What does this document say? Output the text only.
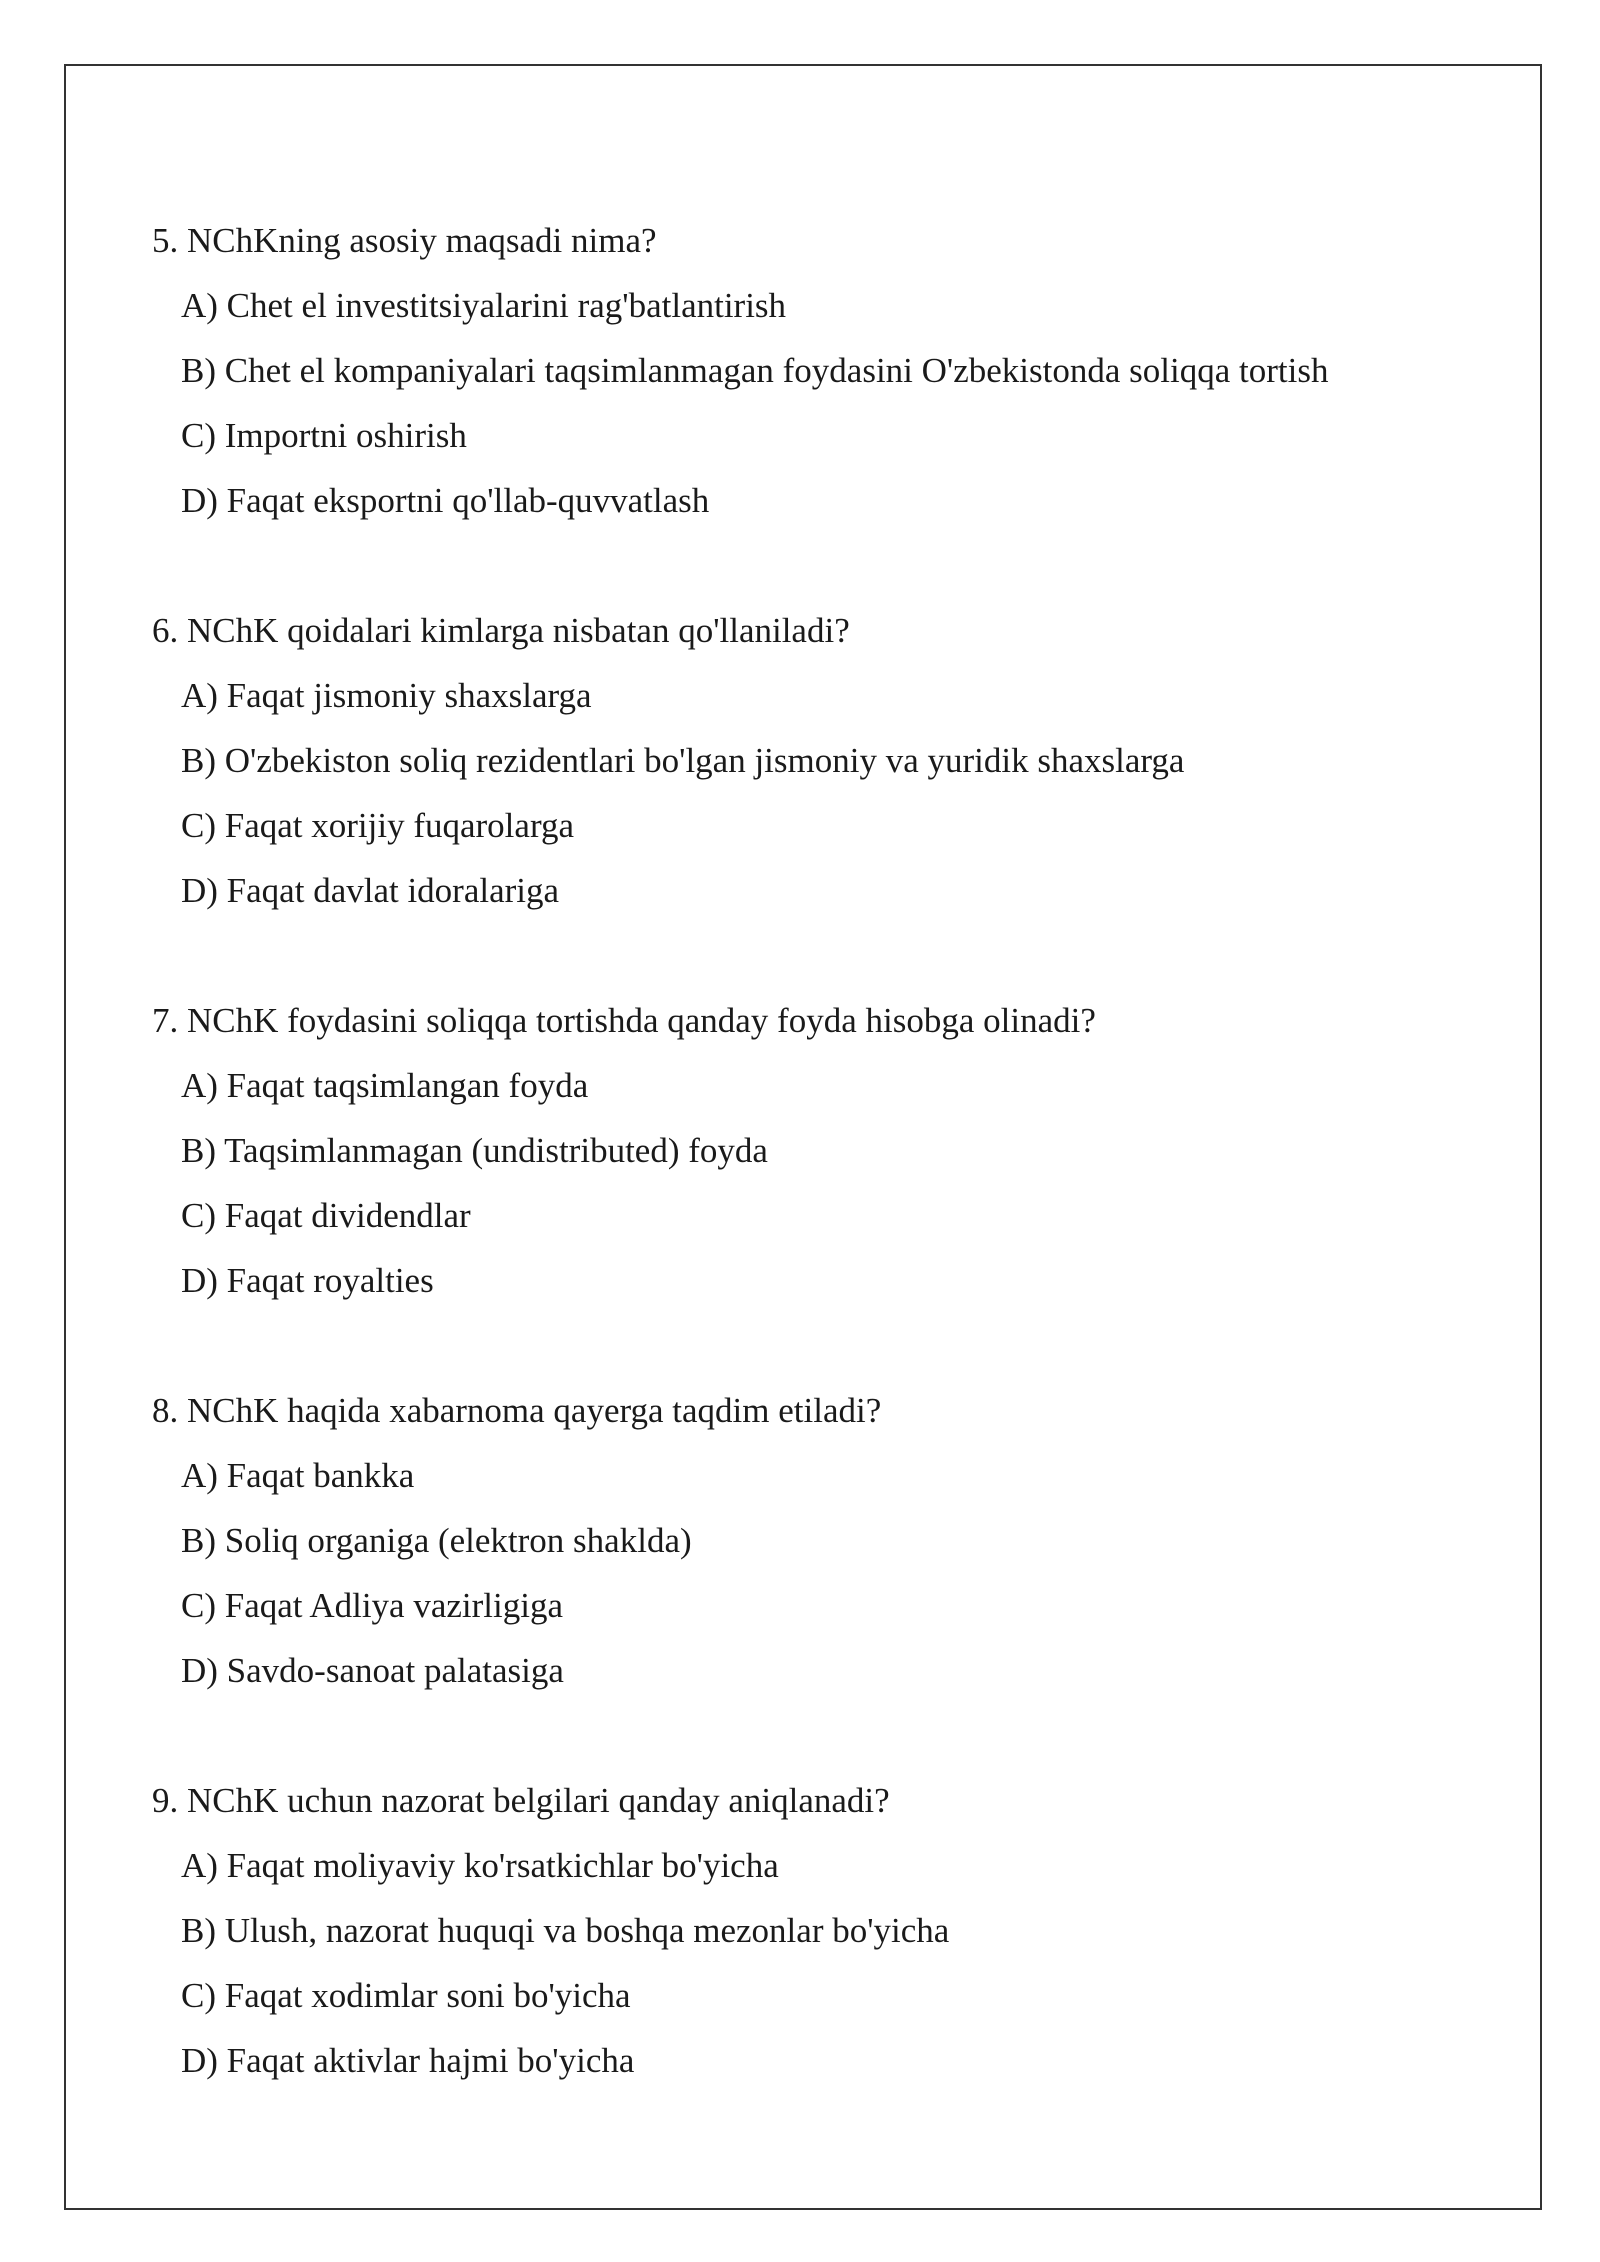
5. NChKning asosiy maqsadi nima?
A) Chet el investitsiyalarini rag'batlantirish
B) Chet el kompaniyalari taqsimlanmagan foydasini O'zbekistonda soliqqa tortish
C) Importni oshirish
D) Faqat eksportni qo'llab-quvvatlash
6. NChK qoidalari kimlarga nisbatan qo'llaniladi?
A) Faqat jismoniy shaxslarga
B) O'zbekiston soliq rezidentlari bo'lgan jismoniy va yuridik shaxslarga
C) Faqat xorijiy fuqarolarga
D) Faqat davlat idoralariga
7. NChK foydasini soliqqa tortishda qanday foyda hisobga olinadi?
A) Faqat taqsimlangan foyda
B) Taqsimlanmagan (undistributed) foyda
C) Faqat dividendlar
D) Faqat royalties
8. NChK haqida xabarnoma qayerga taqdim etiladi?
A) Faqat bankka
B) Soliq organiga (elektron shaklda)
C) Faqat Adliya vazirligiga
D) Savdo-sanoat palatasiga
9. NChK uchun nazorat belgilari qanday aniqlanadi?
A) Faqat moliyaviy ko'rsatkichlar bo'yicha
B) Ulush, nazorat huquqi va boshqa mezonlar bo'yicha
C) Faqat xodimlar soni bo'yicha
D) Faqat aktivlar hajmi bo'yicha
